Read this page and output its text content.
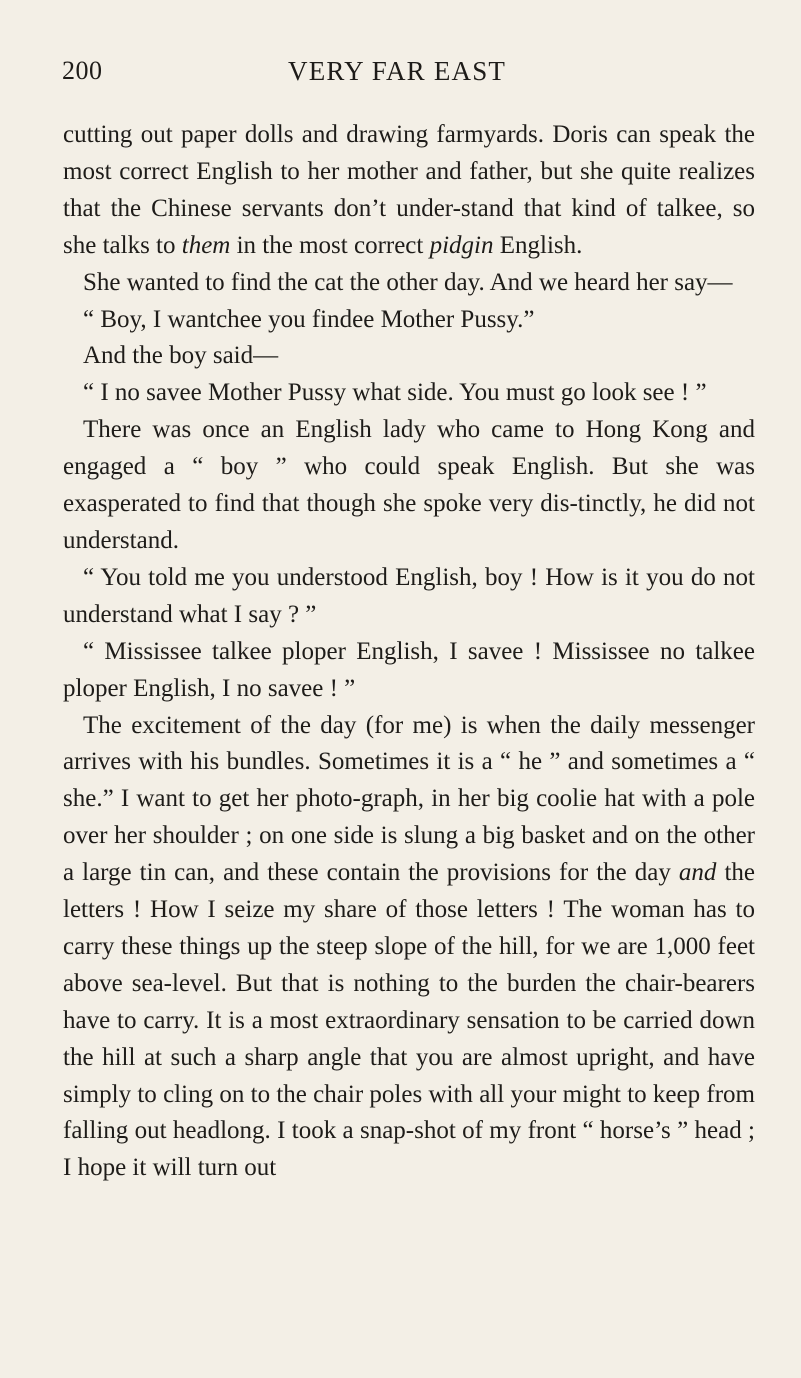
200	VERY FAR EAST

cutting out paper dolls and drawing farmyards. Doris can speak the most correct English to her mother and father, but she quite realizes that the Chinese servants don’t under-stand that kind of talkee, so she talks to them in the most correct pidgin English.

She wanted to find the cat the other day. And we heard her say—

“ Boy, I wantchee you findee Mother Pussy.”

And the boy said—

“ I no savee Mother Pussy what side. You must go look see ! ”

There was once an English lady who came to Hong Kong and engaged a “ boy ” who could speak English. But she was exasperated to find that though she spoke very dis-tinctly, he did not understand.

“ You told me you understood English, boy ! How is it you do not understand what I say ? ”

“ Mississee talkee ploper English, I savee ! Mississee no talkee ploper English, I no savee ! ”

The excitement of the day (for me) is when the daily messenger arrives with his bundles. Sometimes it is a “ he ” and sometimes a “ she.” I want to get her photo-graph, in her big coolie hat with a pole over her shoulder ; on one side is slung a big basket and on the other a large tin can, and these contain the provisions for the day and the letters ! How I seize my share of those letters ! The woman has to carry these things up the steep slope of the hill, for we are 1,000 feet above sea-level. But that is nothing to the burden the chair-bearers have to carry. It is a most extraordinary sensation to be carried down the hill at such a sharp angle that you are almost upright, and have simply to cling on to the chair poles with all your might to keep from falling out headlong. I took a snap-shot of my front “ horse’s ” head ; I hope it will turn out
